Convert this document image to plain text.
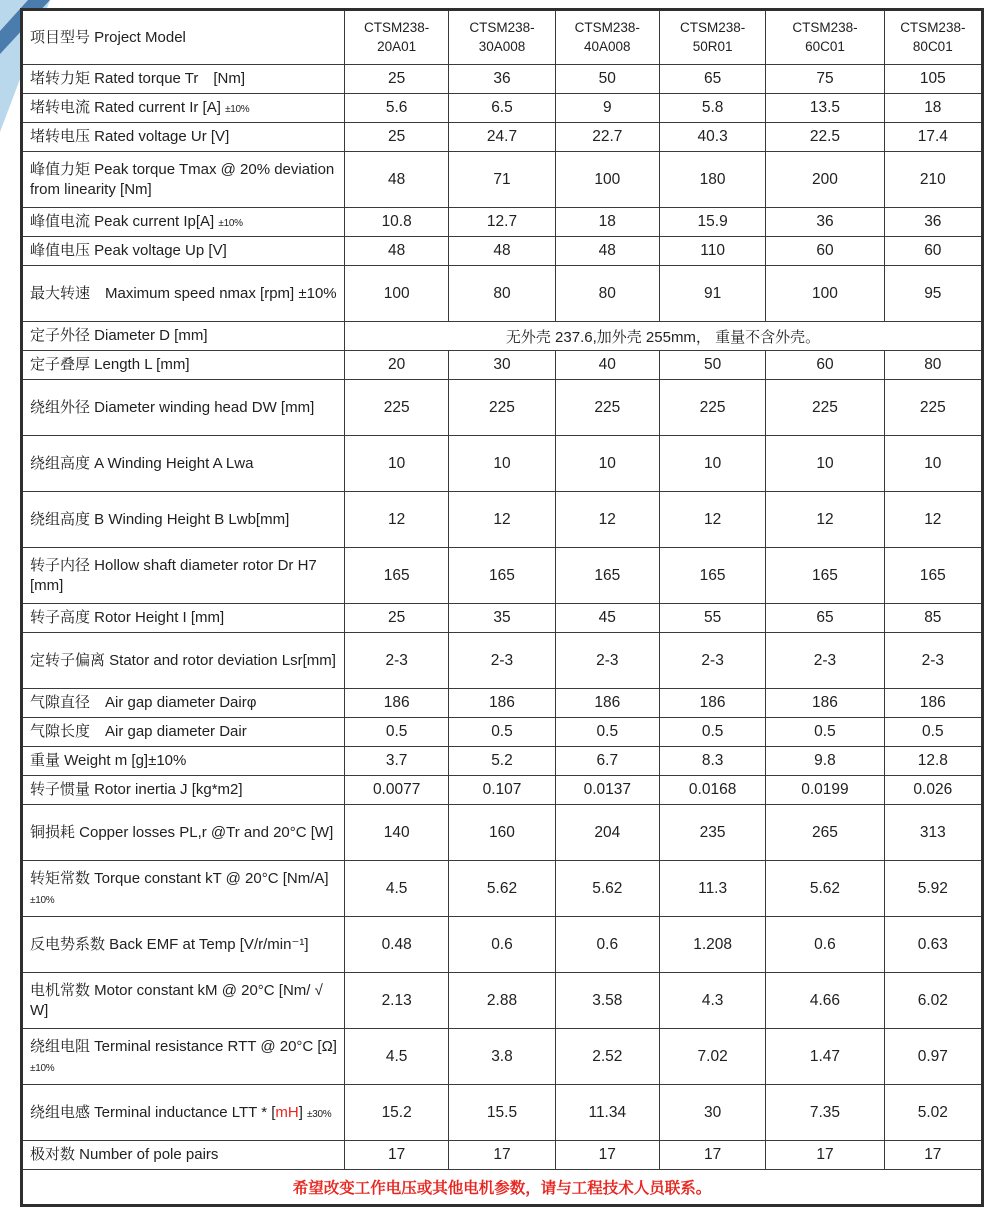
项目型号 Project Model	CTSM238-20A01	CTSM238-30A008	CTSM238-40A008	CTSM238-50R01	CTSM238-60C01	CTSM238-80C01
堵转力矩 Rated torque Tr　[Nm]	25	36	50	65	75	105
堵转电流 Rated current Ir [A] ±10%	5.6	6.5	9	5.8	13.5	18
堵转电压 Rated voltage Ur [V]	25	24.7	22.7	40.3	22.5	17.4
峰值力矩 Peak torque Tmax @ 20% deviation from linearity [Nm]	48	71	100	180	200	210
峰值电流 Peak current Ip[A] ±10%	10.8	12.7	18	15.9	36	36
峰值电压 Peak voltage Up [V]	48	48	48	110	60	60
最大转速　Maximum speed nmax [rpm] ±10%	100	80	80	91	100	95
定子外径 Diameter D [mm]	无外壳 237.6,加外壳 255mm， 重量不含外壳。					
定子叠厚 Length L [mm]	20	30	40	50	60	80
绕组外径 Diameter winding head DW [mm]	225	225	225	225	225	225
绕组高度 A Winding Height A Lwa	10	10	10	10	10	10
绕组高度 B Winding Height B Lwb[mm]	12	12	12	12	12	12
转子内径 Hollow shaft diameter rotor Dr H7 [mm]	165	165	165	165	165	165
转子高度 Rotor Height I [mm]	25	35	45	55	65	85
定转子偏离 Stator and rotor deviation Lsr[mm]	2-3	2-3	2-3	2-3	2-3	2-3
气隙直径　Air gap diameter Dairφ	186	186	186	186	186	186
气隙长度　Air gap diameter Dair	0.5	0.5	0.5	0.5	0.5	0.5
重量 Weight m [g]±10%	3.7	5.2	6.7	8.3	9.8	12.8
转子惯量 Rotor inertia J [kg*m2]	0.0077	0.107	0.0137	0.0168	0.0199	0.026
铜损耗 Copper losses PL,r @Tr and 20°C [W]	140	160	204	235	265	313
转矩常数 Torque constant kT @ 20°C [Nm/A] ±10%	4.5	5.62	5.62	11.3	5.62	5.92
反电势系数 Back EMF at Temp [V/r/min⁻¹]	0.48	0.6	0.6	1.208	0.6	0.63
电机常数 Motor constant kM @ 20°C [Nm/ √ W]	2.13	2.88	3.58	4.3	4.66	6.02
绕组电阻 Terminal resistance RTT @ 20°C [Ω] ±10%	4.5	3.8	2.52	7.02	1.47	0.97
绕组电感 Terminal inductance LTT * [mH] ±30%	15.2	15.5	11.34	30	7.35	5.02
极对数 Number of pole pairs	17	17	17	17	17	17
希望改变工作电压或其他电机参数，请与工程技术人员联系。						
